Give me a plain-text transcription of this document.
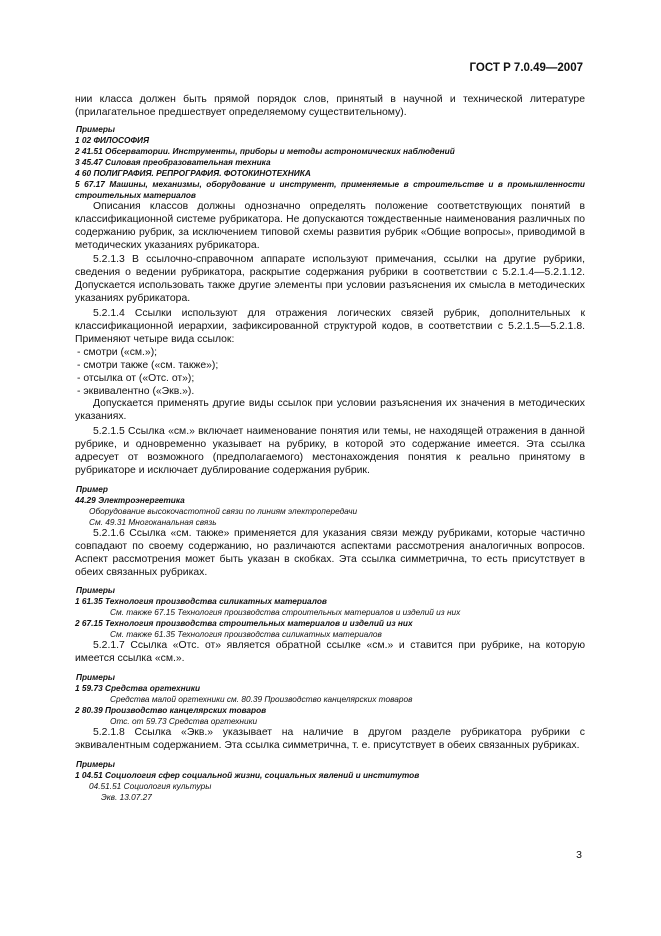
ГОСТ Р 7.0.49—2007

нии класса должен быть прямой порядок слов, принятый в научной и технической литературе (прилагательное предшествует определяемому существительному).

Примеры
1 02 ФИЛОСОФИЯ
2 41.51 Обсерватории. Инструменты, приборы и методы астрономических наблюдений
3 45.47 Силовая преобразовательная техника
4 60 ПОЛИГРАФИЯ. РЕПРОГРАФИЯ. ФОТОКИНОТЕХНИКА
5 67.17 Машины, механизмы, оборудование и инструмент, применяемые в строительстве и в промышленности строительных материалов

Описания классов должны однозначно определять положение соответствующих понятий в классификационной системе рубрикатора. Не допускаются тождественные наименования различных по содержанию рубрик, за исключением типовой схемы развития рубрик «Общие вопросы», приводимой в методических указаниях рубрикатора.

5.2.1.3 В ссылочно-справочном аппарате используют примечания, ссылки на другие рубрики, сведения о ведении рубрикатора, раскрытие содержания рубрики в соответствии с 5.2.1.4—5.2.1.12. Допускается использовать также другие элементы при условии разъяснения их смысла в методических указаниях рубрикатора.

5.2.1.4 Ссылки используют для отражения логических связей рубрик, дополнительных к классификационной иерархии, зафиксированной структурой кодов, в соответствии с 5.2.1.5—5.2.1.8. Применяют четыре вида ссылок:

- смотри («см.»);
- смотри также («см. также»);
- отсылка от («Отс. от»);
- эквивалентно («Экв.»).

Допускается применять другие виды ссылок при условии разъяснения их значения в методических указаниях.

5.2.1.5 Ссылка «см.» включает наименование понятия или темы, не находящей отражения в данной рубрике, и одновременно указывает на рубрику, в которой это содержание имеется. Эта ссылка адресует от возможного (предполагаемого) местонахождения понятия к реально принятому в рубрикаторе и исключает дублирование содержания рубрик.

Пример
44.29 Электроэнергетика
Оборудование высокочастотной связи по линиям электропередачи
См. 49.31 Многоканальная связь

5.2.1.6 Ссылка «см. также» применяется для указания связи между рубриками, которые частично совпадают по своему содержанию, но различаются аспектами рассмотрения аналогичных вопросов. Аспект рассмотрения может быть указан в скобках. Эта ссылка симметрична, то есть присутствует в обеих связанных рубриках.

Примеры
1 61.35 Технология производства силикатных материалов
См. также 67.15 Технология производства строительных материалов и изделий из них
2 67.15 Технология производства строительных материалов и изделий из них
См. также 61.35 Технология производства силикатных материалов

5.2.1.7 Ссылка «Отс. от» является обратной ссылке «см.» и ставится при рубрике, на которую имеется ссылка «см.».

Примеры
1 59.73 Средства оргтехники
Средства малой оргтехники см. 80.39 Производство канцелярских товаров
2 80.39 Производство канцелярских товаров
Отс. от 59.73 Средства оргтехники

5.2.1.8 Ссылка «Экв.» указывает на наличие в другом разделе рубрикатора рубрики с эквивалентным содержанием. Эта ссылка симметрична, т. е. присутствует в обеих связанных рубриках.

Примеры
1 04.51 Социология сфер социальной жизни, социальных явлений и институтов
04.51.51 Социология культуры
Экв. 13.07.27
3
